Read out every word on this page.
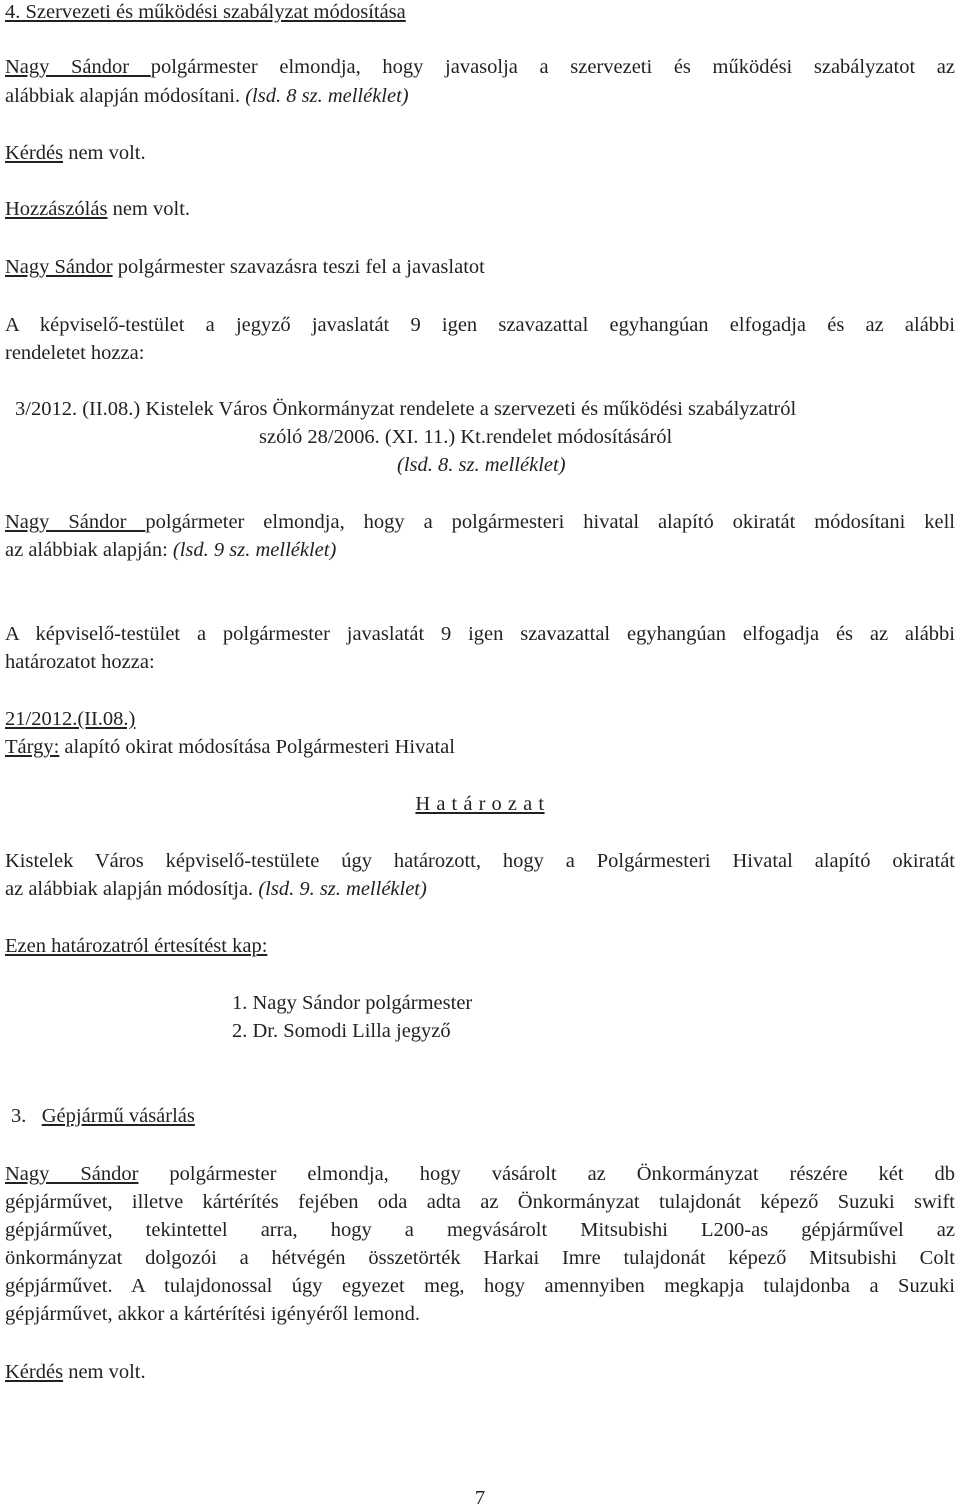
4. Szervezeti és működési szabályzat módosítása
Nagy Sándor polgármester elmondja, hogy javasolja a szervezeti és működési szabályzatot az
alábbiak alapján módosítani. (lsd. 8 sz. melléklet)
Kérdés nem volt.
Hozzászólás nem volt.
Nagy Sándor polgármester szavazásra teszi fel a javaslatot
A képviselő-testület a jegyző javaslatát 9 igen szavazattal egyhangúan elfogadja és az alábbi
rendeletet hozza:
3/2012. (II.08.) Kistelek Város Önkormányzat rendelete a szervezeti és működési szabályzatról
szóló 28/2006. (XI. 11.) Kt.rendelet módosításáról
(lsd. 8. sz. melléklet)
Nagy Sándor polgármeter elmondja, hogy a polgármesteri hivatal alapító okiratát módosítani kell
az alábbiak alapján: (lsd. 9 sz. melléklet)
A képviselő-testület a polgármester javaslatát 9 igen szavazattal egyhangúan elfogadja és az alábbi
határozatot hozza:
21/2012.(II.08.)
Tárgy: alapító okirat módosítása Polgármesteri Hivatal
H a t á r o z a t
Kistelek Város képviselő-testülete úgy határozott, hogy a Polgármesteri Hivatal alapító okiratát
az alábbiak alapján módosítja. (lsd. 9. sz. melléklet)
Ezen határozatról értesítést kap:
1. Nagy Sándor polgármester
2. Dr. Somodi Lilla jegyző
3. Gépjármű vásárlás
Nagy Sándor polgármester elmondja, hogy vásárolt az Önkormányzat részére két db
gépjárművet, illetve kártérítés fejében oda adta az Önkormányzat tulajdonát képező Suzuki swift
gépjárművet, tekintettel arra, hogy a megvásárolt Mitsubishi L200-as gépjárművel az
önkormányzat dolgozói a hétvégén összetörték Harkai Imre tulajdonát képező Mitsubishi Colt
gépjárművet. A tulajdonossal úgy egyezet meg, hogy amennyiben megkapja tulajdonba a Suzuki
gépjárművet, akkor a kártérítési igényéről lemond.
Kérdés nem volt.
7
